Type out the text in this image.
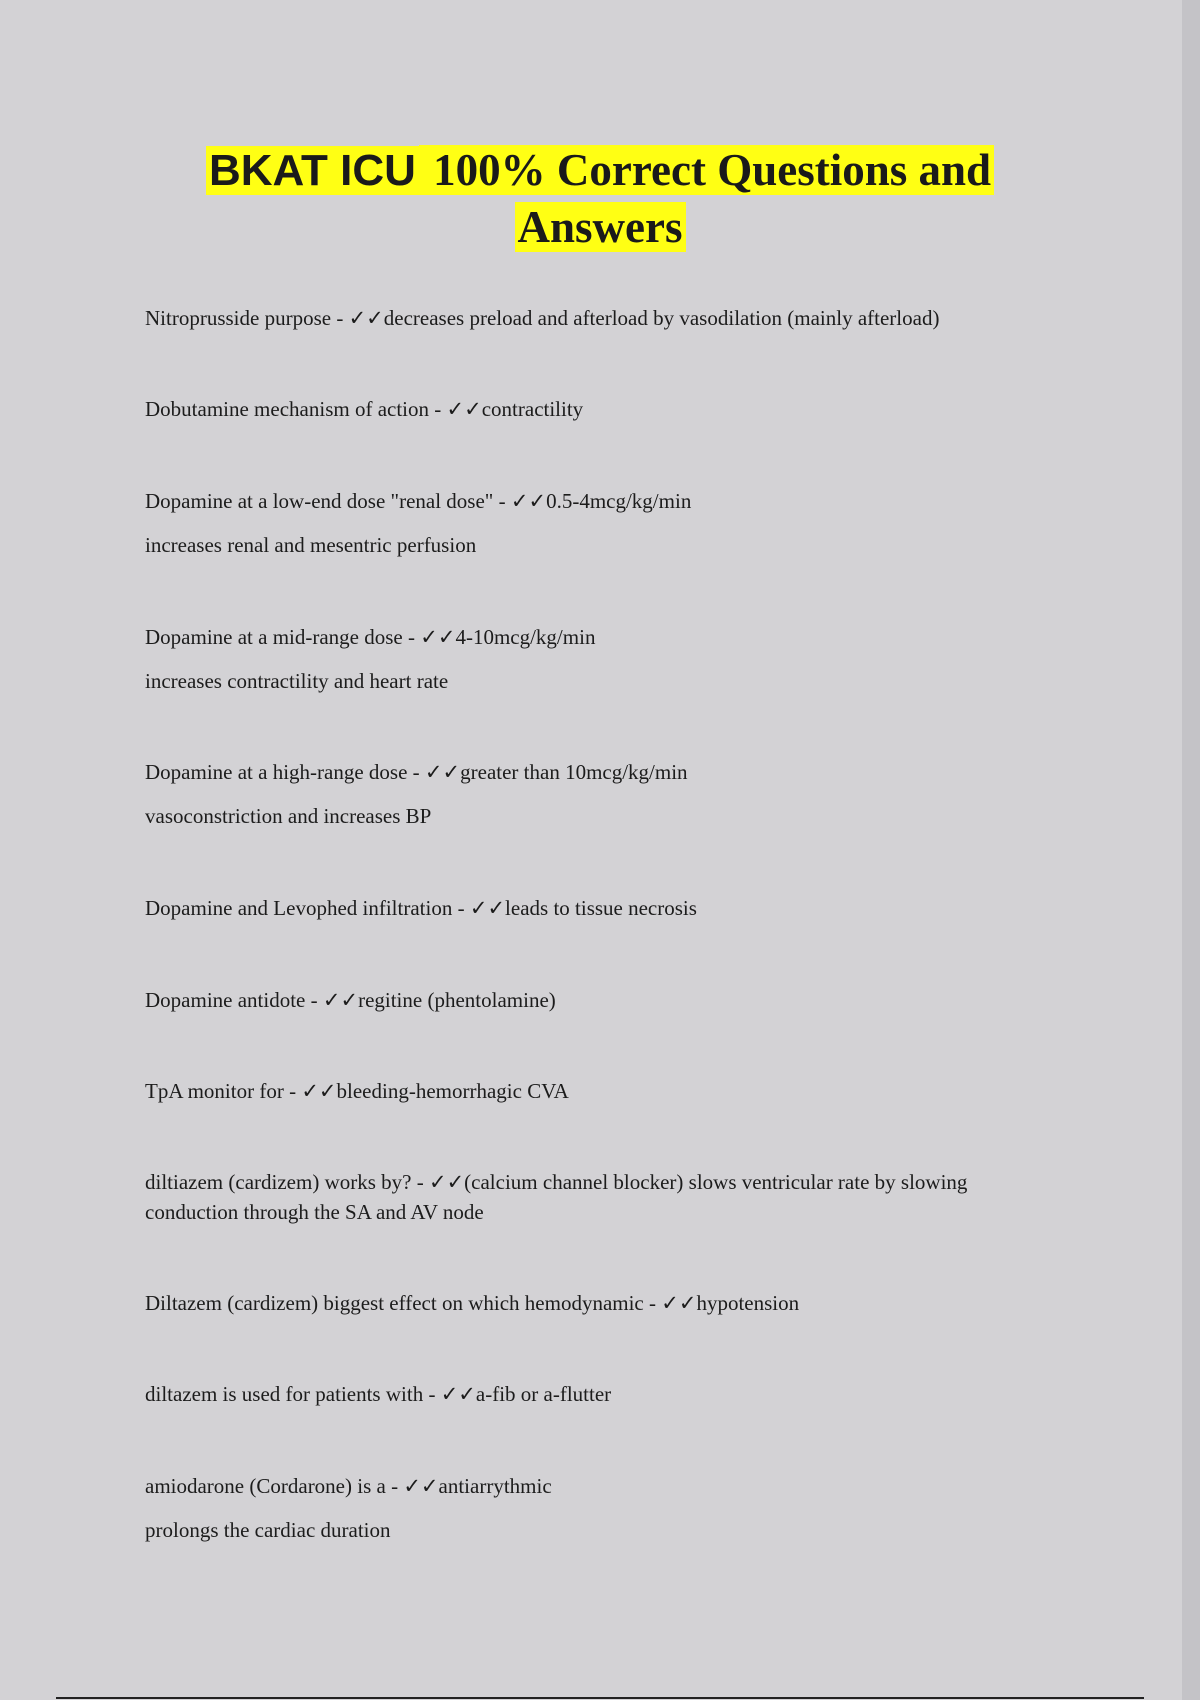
BKAT ICU 100% Correct Questions and
Answers
Nitroprusside purpose - ✓✓decreases preload and afterload by vasodilation (mainly afterload)
Dobutamine mechanism of action - ✓✓contractility
Dopamine at a low-end dose "renal dose" - ✓✓0.5-4mcg/kg/min
increases renal and mesentric perfusion
Dopamine at a mid-range dose - ✓✓4-10mcg/kg/min
increases contractility and heart rate
Dopamine at a high-range dose - ✓✓greater than 10mcg/kg/min
vasoconstriction and increases BP
Dopamine and Levophed infiltration - ✓✓leads to tissue necrosis
Dopamine antidote - ✓✓regitine (phentolamine)
TpA monitor for - ✓✓bleeding-hemorrhagic CVA
diltiazem (cardizem) works by? - ✓✓(calcium channel blocker) slows ventricular rate by slowing conduction through the SA and AV node
Diltazem (cardizem) biggest effect on which hemodynamic - ✓✓hypotension
diltazem is used for patients with - ✓✓a-fib or a-flutter
amiodarone (Cordarone) is a - ✓✓antiarrythmic
prolongs the cardiac duration
